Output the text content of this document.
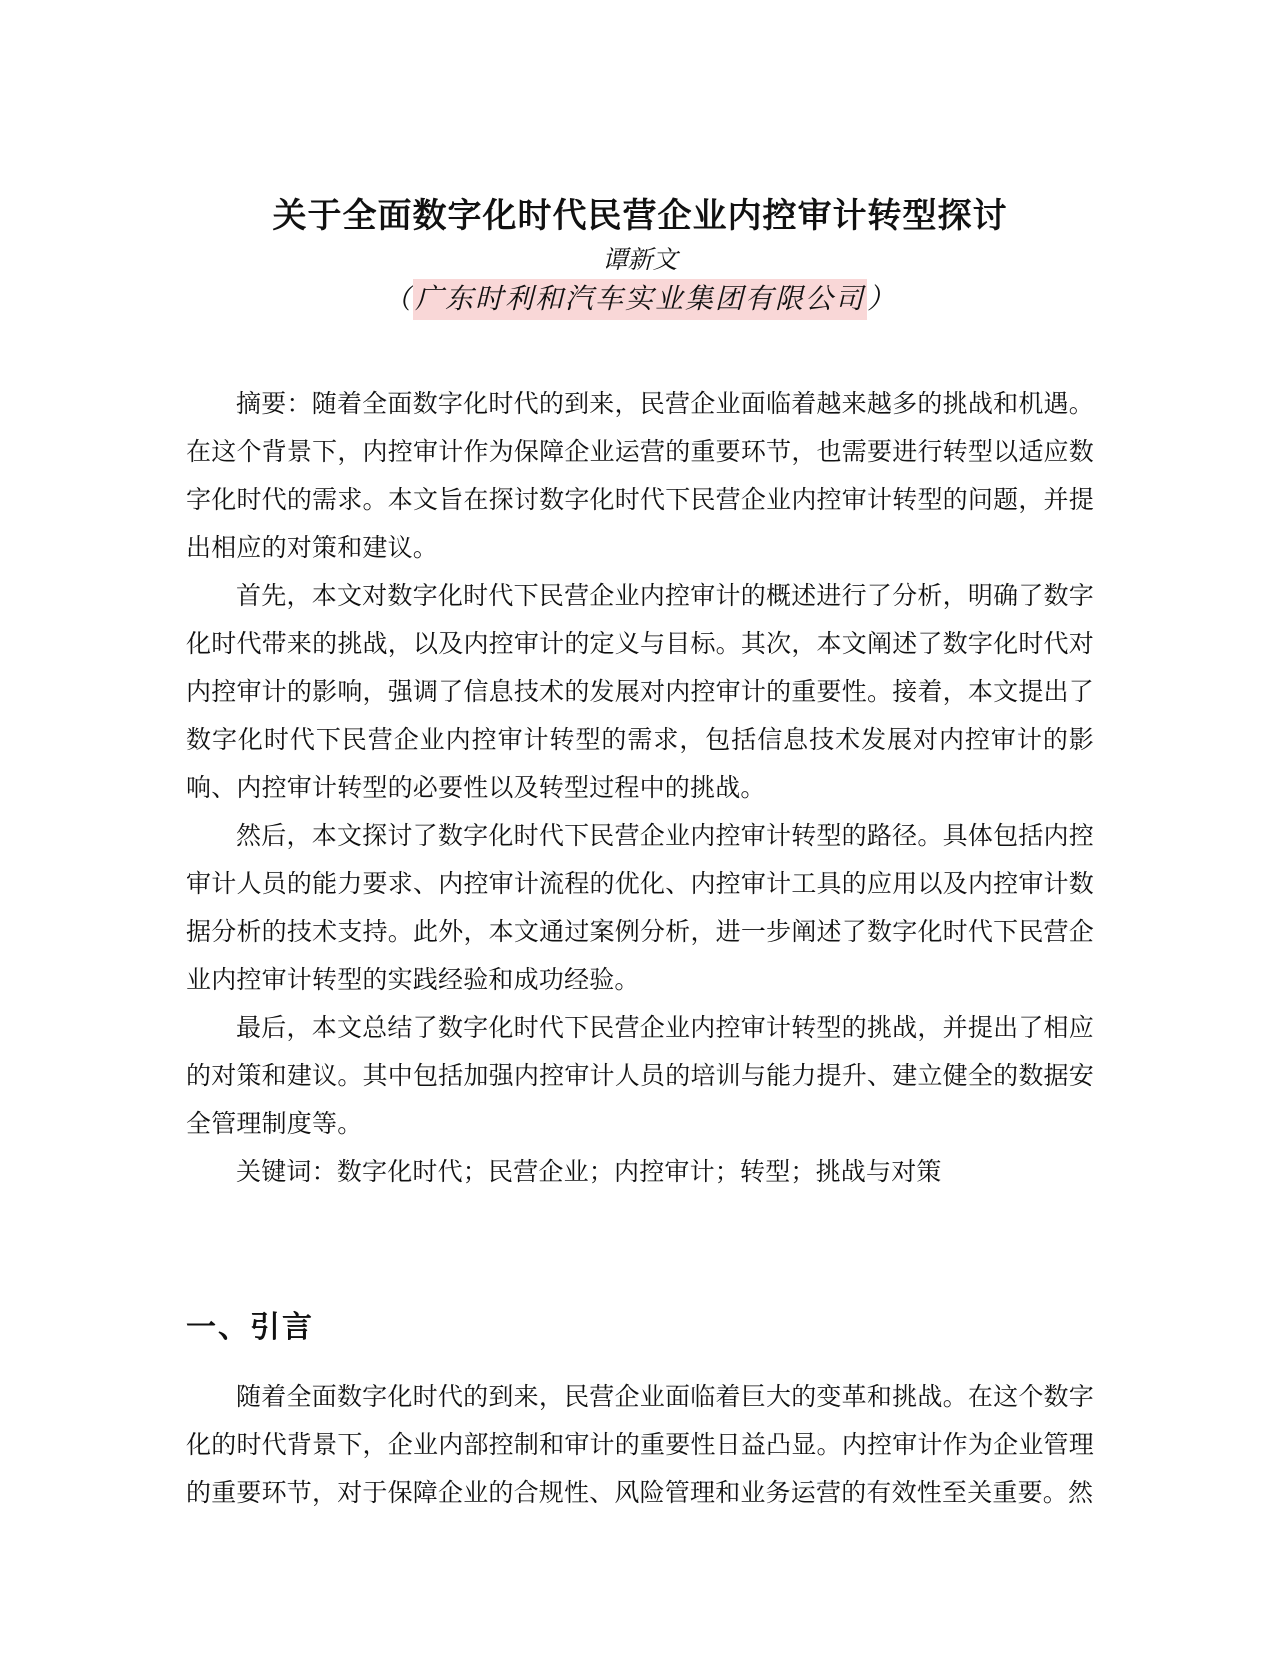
关于全面数字化时代民营企业内控审计转型探讨
谭新文
（广东时利和汽车实业集团有限公司）

摘要：随着全面数字化时代的到来，民营企业面临着越来越多的挑战和机遇。在这个背景下，内控审计作为保障企业运营的重要环节，也需要进行转型以适应数字化时代的需求。本文旨在探讨数字化时代下民营企业内控审计转型的问题，并提出相应的对策和建议。

首先，本文对数字化时代下民营企业内控审计的概述进行了分析，明确了数字化时代带来的挑战，以及内控审计的定义与目标。其次，本文阐述了数字化时代对内控审计的影响，强调了信息技术的发展对内控审计的重要性。接着，本文提出了数字化时代下民营企业内控审计转型的需求，包括信息技术发展对内控审计的影响、内控审计转型的必要性以及转型过程中的挑战。

然后，本文探讨了数字化时代下民营企业内控审计转型的路径。具体包括内控审计人员的能力要求、内控审计流程的优化、内控审计工具的应用以及内控审计数据分析的技术支持。此外，本文通过案例分析，进一步阐述了数字化时代下民营企业内控审计转型的实践经验和成功经验。

最后，本文总结了数字化时代下民营企业内控审计转型的挑战，并提出了相应的对策和建议。其中包括加强内控审计人员的培训与能力提升、建立健全的数据安全管理制度等。

关键词：数字化时代；民营企业；内控审计；转型；挑战与对策

一、引言

随着全面数字化时代的到来，民营企业面临着巨大的变革和挑战。在这个数字化的时代背景下，企业内部控制和审计的重要性日益凸显。内控审计作为企业管理的重要环节，对于保障企业的合规性、风险管理和业务运营的有效性至关重要。然
